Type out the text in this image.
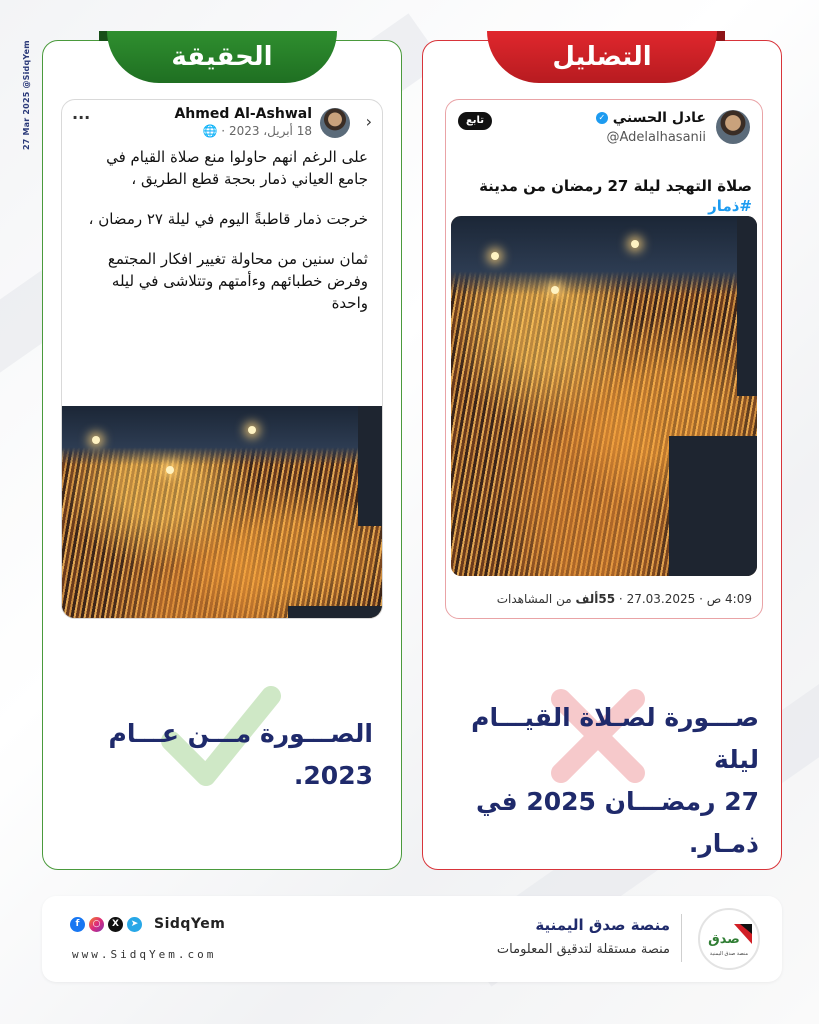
27 Mar 2025 @SidqYem	الحقيقة
›
Ahmed Al-Ashwal
18 أبريل، 2023 · 🌐
···

على الرغم انهم حاولوا منع صلاة القيام في جامع العياني ذمار بحجة قطع الطريق ،

خرجت ذمار قاطبةً اليوم في ليلة ٢٧ رمضان ،

ثمان سنين من محاولة تغيير افكار المجتمع وفرض خطبائهم وءأمتهم وتتلاشى في ليله واحدة

الصـــورة مـــن عـــام 2023.
التضليل
عادل الحسني ✓
@Adelalhasanii
تابع
صلاة التهجد ليلة 27 رمضان من مدينة #ذمار
4:09 ص · 27.03.2025 · 55ألف من المشاهدات
صـــورة لصـلاة القيـــام ليلة
27 رمضـــان 2025 في ذمـار.
f	○	X	➤ SidqYem
www.SidqYem.com
منصة صدق اليمنية
منصة مستقلة لتدقيق المعلومات
صدق
منصة صدق اليمنية
